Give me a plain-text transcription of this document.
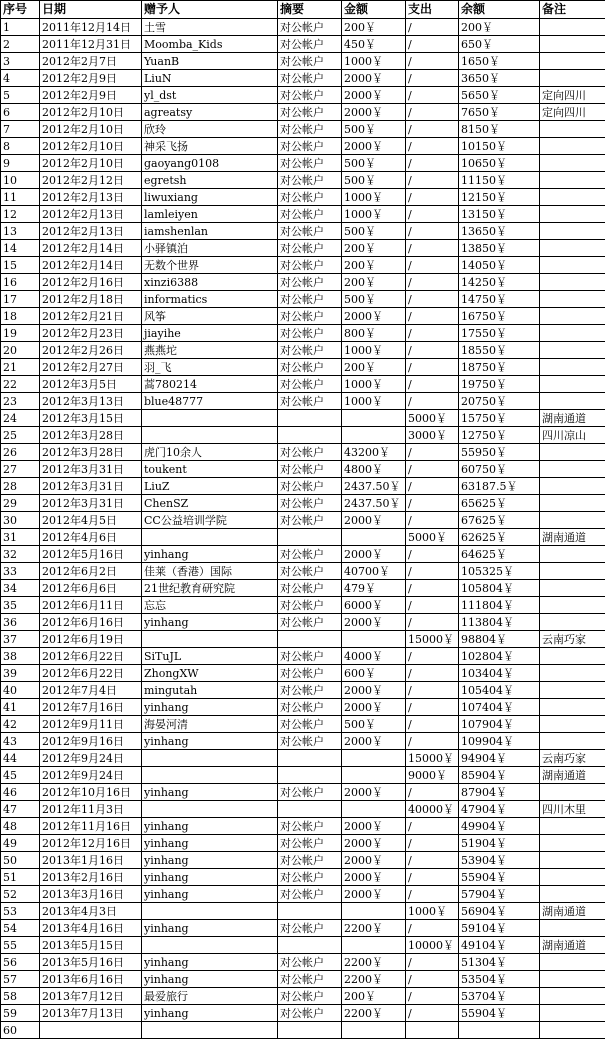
序号	日期	赠予人	摘要	金额	支出	余额	备注
1	2011年12月14日	土雪	对公帐户	200￥	/	200￥	
2	2011年12月31日	Moomba_Kids	对公帐户	450￥	/	650￥	
3	2012年2月7日	YuanB	对公帐户	1000￥	/	1650￥	
4	2012年2月9日	LiuN	对公帐户	2000￥	/	3650￥	
5	2012年2月9日	yl_dst	对公帐户	2000￥	/	5650￥	定向四川
6	2012年2月10日	agreatsy	对公帐户	2000￥	/	7650￥	定向四川
7	2012年2月10日	欣玲	对公帐户	500￥	/	8150￥	
8	2012年2月10日	神采飞扬	对公帐户	2000￥	/	10150￥	
9	2012年2月10日	gaoyang0108	对公帐户	500￥	/	10650￥	
10	2012年2月12日	egretsh	对公帐户	500￥	/	11150￥	
11	2012年2月13日	liwuxiang	对公帐户	1000￥	/	12150￥	
12	2012年2月13日	lamleiyen	对公帐户	1000￥	/	13150￥	
13	2012年2月13日	iamshenlan	对公帐户	500￥	/	13650￥	
14	2012年2月14日	小驿镇泊	对公帐户	200￥	/	13850￥	
15	2012年2月14日	无数个世界	对公帐户	200￥	/	14050￥	
16	2012年2月16日	xinzi6388	对公帐户	200￥	/	14250￥	
17	2012年2月18日	informatics	对公帐户	500￥	/	14750￥	
18	2012年2月21日	风筝	对公帐户	2000￥	/	16750￥	
19	2012年2月23日	jiayihe	对公帐户	800￥	/	17550￥	
20	2012年2月26日	燕燕坨	对公帐户	1000￥	/	18550￥	
21	2012年2月27日	羽_飞	对公帐户	200￥	/	18750￥	
22	2012年3月5日	蒿780214	对公帐户	1000￥	/	19750￥	
23	2012年3月13日	blue48777	对公帐户	1000￥	/	20750￥	
24	2012年3月15日				5000￥	15750￥	湖南通道
25	2012年3月28日				3000￥	12750￥	四川凉山
26	2012年3月28日	虎门10余人	对公帐户	43200￥	/	55950￥	
27	2012年3月31日	toukent	对公帐户	4800￥	/	60750￥	
28	2012年3月31日	LiuZ	对公帐户	2437.50￥	/	63187.5￥	
29	2012年3月31日	ChenSZ	对公帐户	2437.50￥	/	65625￥	
30	2012年4月5日	CC公益培训学院	对公帐户	2000￥	/	67625￥	
31	2012年4月6日				5000￥	62625￥	湖南通道
32	2012年5月16日	yinhang	对公帐户	2000￥	/	64625￥	
33	2012年6月2日	佳莱（香港）国际	对公帐户	40700￥	/	105325￥	
34	2012年6月6日	21世纪教育研究院	对公帐户	479￥	/	105804￥	
35	2012年6月11日	忘忘	对公帐户	6000￥	/	111804￥	
36	2012年6月16日	yinhang	对公帐户	2000￥	/	113804￥	
37	2012年6月19日				15000￥	98804￥	云南巧家
38	2012年6月22日	SiTuJL	对公帐户	4000￥	/	102804￥	
39	2012年6月22日	ZhongXW	对公帐户	600￥	/	103404￥	
40	2012年7月4日	mingutah	对公帐户	2000￥	/	105404￥	
41	2012年7月16日	yinhang	对公帐户	2000￥	/	107404￥	
42	2012年9月11日	海晏河清	对公帐户	500￥	/	107904￥	
43	2012年9月16日	yinhang	对公帐户	2000￥	/	109904￥	
44	2012年9月24日				15000￥	94904￥	云南巧家
45	2012年9月24日				9000￥	85904￥	湖南通道
46	2012年10月16日	yinhang	对公帐户	2000￥	/	87904￥	
47	2012年11月3日				40000￥	47904￥	四川木里
48	2012年11月16日	yinhang	对公帐户	2000￥	/	49904￥	
49	2012年12月16日	yinhang	对公帐户	2000￥	/	51904￥	
50	2013年1月16日	yinhang	对公帐户	2000￥	/	53904￥	
51	2013年2月16日	yinhang	对公帐户	2000￥	/	55904￥	
52	2013年3月16日	yinhang	对公帐户	2000￥	/	57904￥	
53	2013年4月3日				1000￥	56904￥	湖南通道
54	2013年4月16日	yinhang	对公帐户	2200￥	/	59104￥	
55	2013年5月15日				10000￥	49104￥	湖南通道
56	2013年5月16日	yinhang	对公帐户	2200￥	/	51304￥	
57	2013年6月16日	yinhang	对公帐户	2200￥	/	53504￥	
58	2013年7月12日	最爱旅行	对公帐户	200￥	/	53704￥	
59	2013年7月13日	yinhang	对公帐户	2200￥	/	55904￥	
60							
